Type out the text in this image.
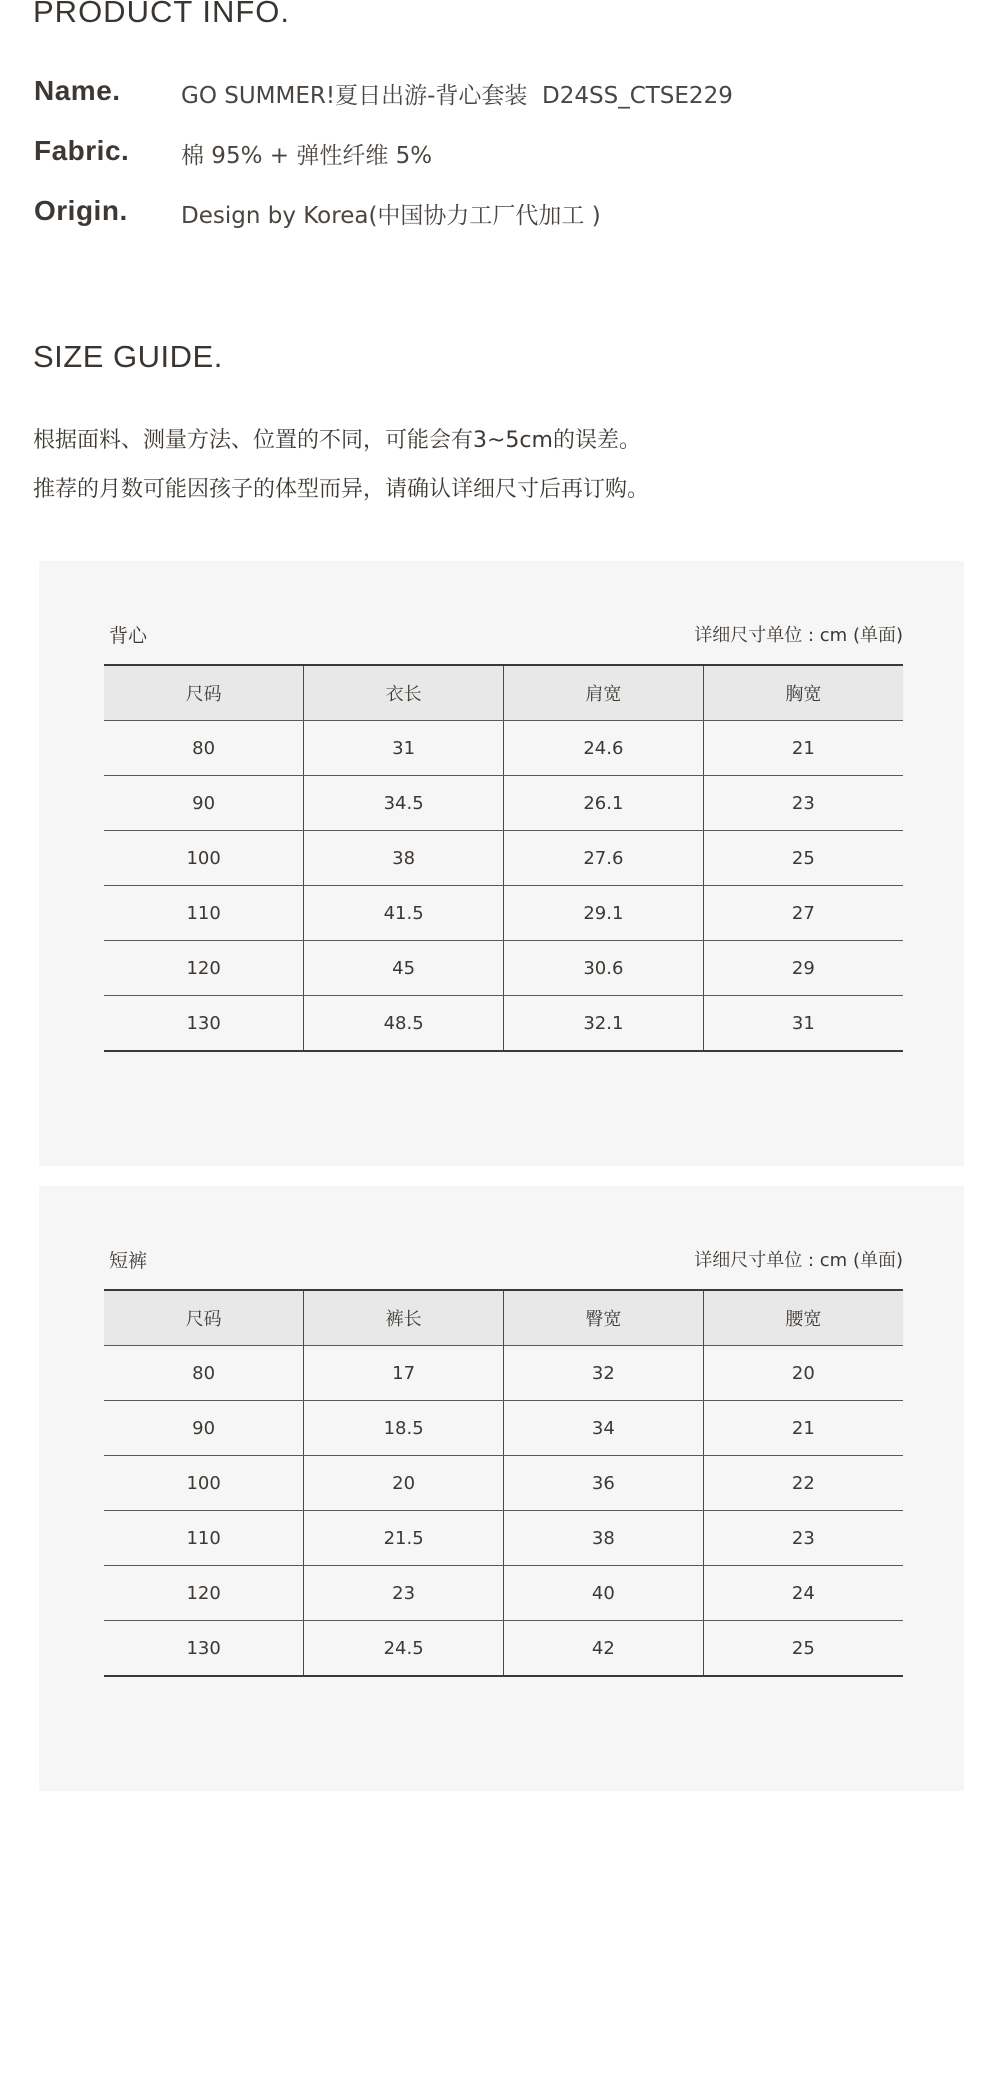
PRODUCT INFO.
Name.	GO SUMMER!夏日出游-背心套装  D24SS_CTSE229
Fabric. 棉 95% + 弹性纤维 5%
Origin. Design by Korea(中国协力工厂代加工 )
SIZE GUIDE.
根据面料、测量方法、位置的不同，可能会有3~5cm的误差。
推荐的月数可能因孩子的体型而异，请确认详细尺寸后再订购。
背心	详细尺寸单位 : cm (单面)
尺码	衣长	肩宽	胸宽
80	31	24.6	21
90	34.5	26.1	23
100	38	27.6	25
110	41.5	29.1	27
120	45	30.6	29
130	48.5	32.1	31
短裤	详细尺寸单位 : cm (单面)
尺码	裤长	臀宽	腰宽
80	17	32	20
90	18.5	34	21
100	20	36	22
110	21.5	38	23
120	23	40	24
130	24.5	42	25
